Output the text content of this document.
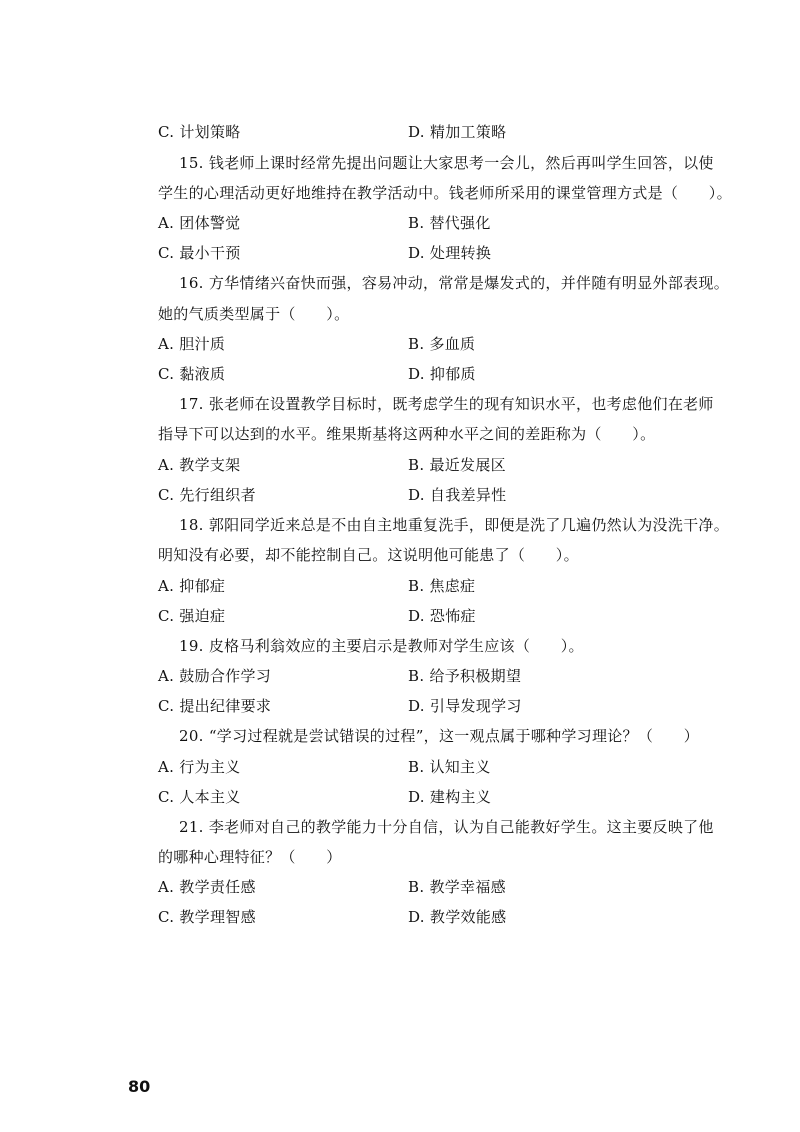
C. 计划策略	D. 精加工策略
15. 钱老师上课时经常先提出问题让大家思考一会儿，然后再叫学生回答，以使
学生的心理活动更好地维持在教学活动中。钱老师所采用的课堂管理方式是（　　）。
A. 团体警觉	B. 替代强化
C. 最小干预	D. 处理转换
16. 方华情绪兴奋快而强，容易冲动，常常是爆发式的，并伴随有明显外部表现。
她的气质类型属于（　　）。
A. 胆汁质	B. 多血质
C. 黏液质	D. 抑郁质
17. 张老师在设置教学目标时，既考虑学生的现有知识水平，也考虑他们在老师
指导下可以达到的水平。维果斯基将这两种水平之间的差距称为（　　）。
A. 教学支架	B. 最近发展区
C. 先行组织者	D. 自我差异性
18. 郭阳同学近来总是不由自主地重复洗手，即便是洗了几遍仍然认为没洗干净。
明知没有必要，却不能控制自己。这说明他可能患了（　　）。
A. 抑郁症	B. 焦虑症
C. 强迫症	D. 恐怖症
19. 皮格马利翁效应的主要启示是教师对学生应该（　　）。
A. 鼓励合作学习	B. 给予积极期望
C. 提出纪律要求	D. 引导发现学习
20. “学习过程就是尝试错误的过程”，这一观点属于哪种学习理论？（　　）
A. 行为主义	B. 认知主义
C. 人本主义	D. 建构主义
21. 李老师对自己的教学能力十分自信，认为自己能教好学生。这主要反映了他
的哪种心理特征？（　　）
A. 教学责任感	B. 教学幸福感
C. 教学理智感	D. 教学效能感
80
